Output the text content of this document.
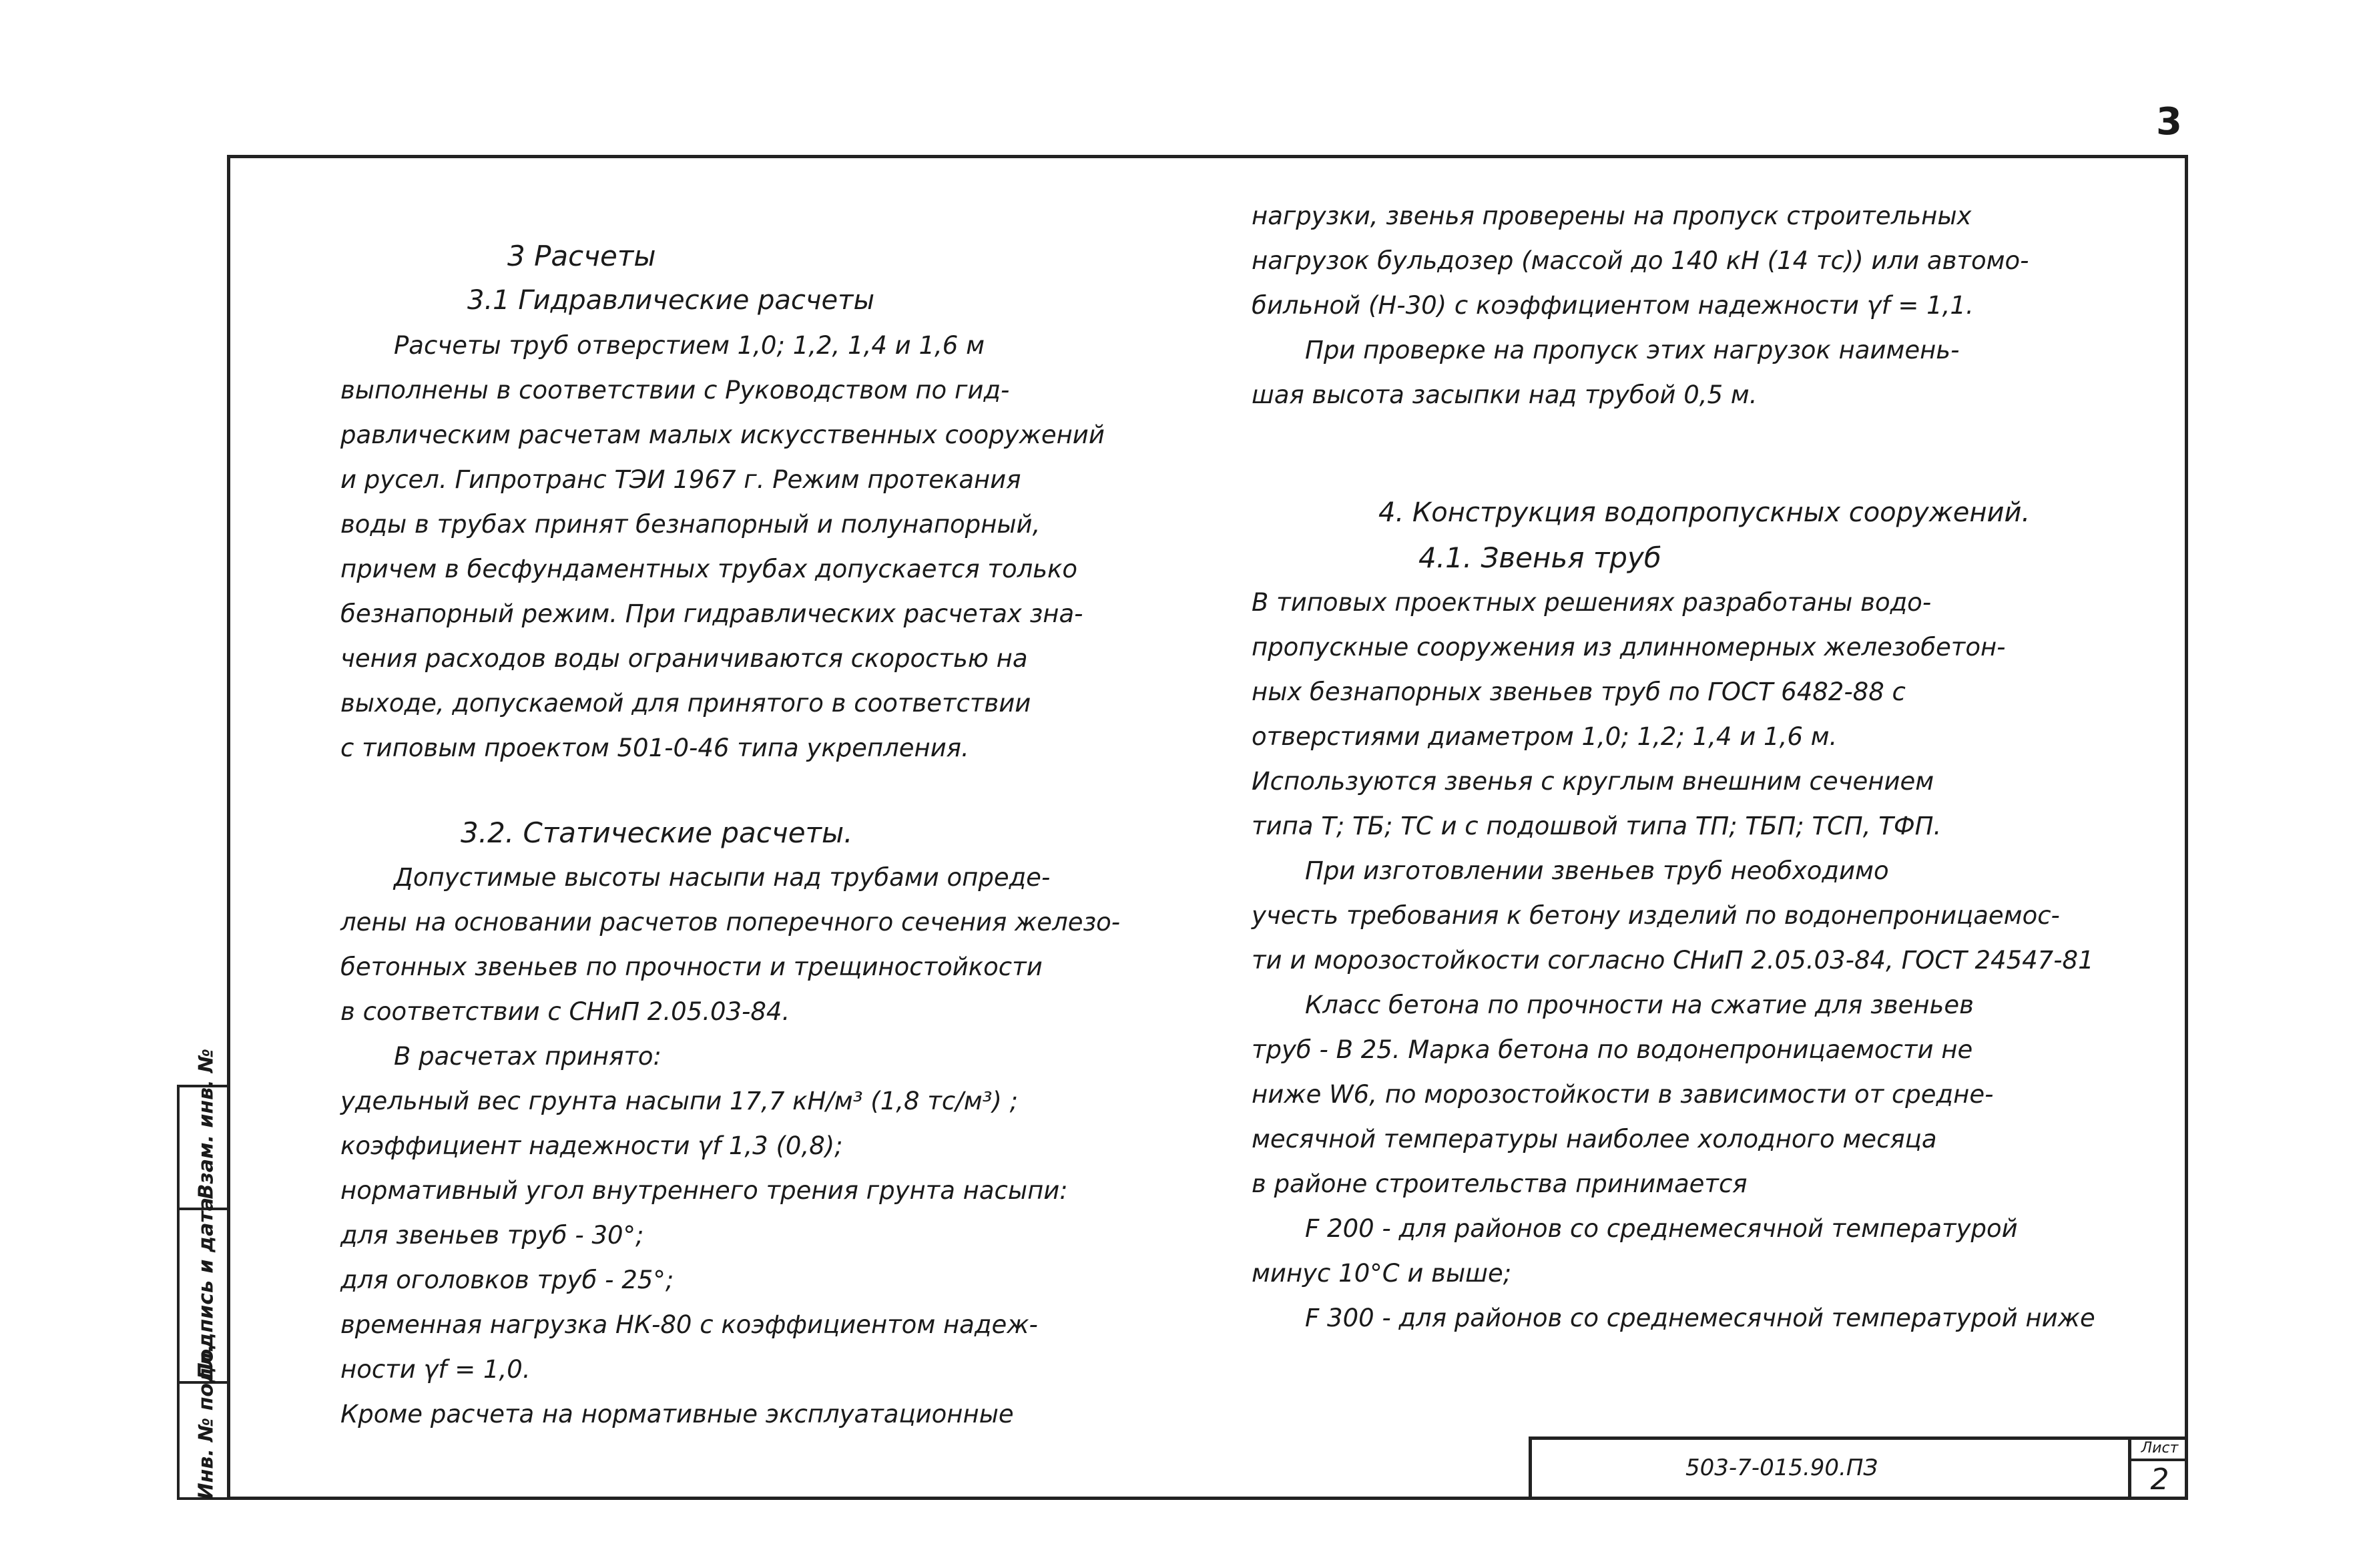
3
Взам. инв. №
Подпись и дата
Инв. № подл.
3 Расчеты
3.1 Гидравлические расчеты
Расчеты труб отверстием 1,0; 1,2, 1,4 и 1,6 м
выполнены в соответствии с Руководством по гид-
равлическим расчетам малых искусственных сооружений
и русел. Гипротранс ТЭИ 1967 г. Режим протекания
воды в трубах принят безнапорный и полунапорный,
причем в бесфундаментных трубах допускается только
безнапорный режим. При гидравлических расчетах зна-
чения расходов воды ограничиваются скоростью на
выходе, допускаемой для принятого в соответствии
с типовым проектом 501-0-46 типа укрепления.
3.2. Статические расчеты.
Допустимые высоты насыпи над трубами опреде-
лены на основании расчетов поперечного сечения железо-
бетонных звеньев по прочности и трещиностойкости
в соответствии с СНиП 2.05.03-84.
В расчетах принято:
удельный вес грунта насыпи 17,7 кН/м³ (1,8 тс/м³) ;
коэффициент надежности γf 1,3 (0,8);
нормативный угол внутреннего трения грунта насыпи:
для звеньев труб - 30°;
для оголовков труб - 25°;
временная нагрузка НК-80 с коэффициентом надеж-
ности γf = 1,0.
Кроме расчета на нормативные эксплуатационные
нагрузки, звенья проверены на пропуск строительных
нагрузок бульдозер (массой до 140 кН (14 тс)) или автомо-
бильной (Н-30) с коэффициентом надежности γf = 1,1.
При проверке на пропуск этих нагрузок наимень-
шая высота засыпки над трубой 0,5 м.
4. Конструкция водопропускных сооружений.
4.1. Звенья труб
В типовых проектных решениях разработаны водо-
пропускные сооружения из длинномерных железобетон-
ных безнапорных звеньев труб по ГОСТ 6482-88 с
отверстиями диаметром 1,0; 1,2; 1,4 и 1,6 м.
Используются звенья с круглым внешним сечением
типа Т; ТБ; ТС и с подошвой типа ТП; ТБП; ТСП, ТФП.
При изготовлении звеньев труб необходимо
учесть требования к бетону изделий по водонепроницаемос-
ти и морозостойкости согласно СНиП 2.05.03-84, ГОСТ 24547-81
Класс бетона по прочности на сжатие для звеньев
труб - В 25. Марка бетона по водонепроницаемости не
ниже W6, по морозостойкости в зависимости от средне-
месячной температуры наиболее холодного месяца
в районе строительства принимается
F 200 - для районов со среднемесячной температурой
минус 10°С и выше;
F 300 - для районов со среднемесячной температурой ниже
503-7-015.90.ПЗ
Лист
2
